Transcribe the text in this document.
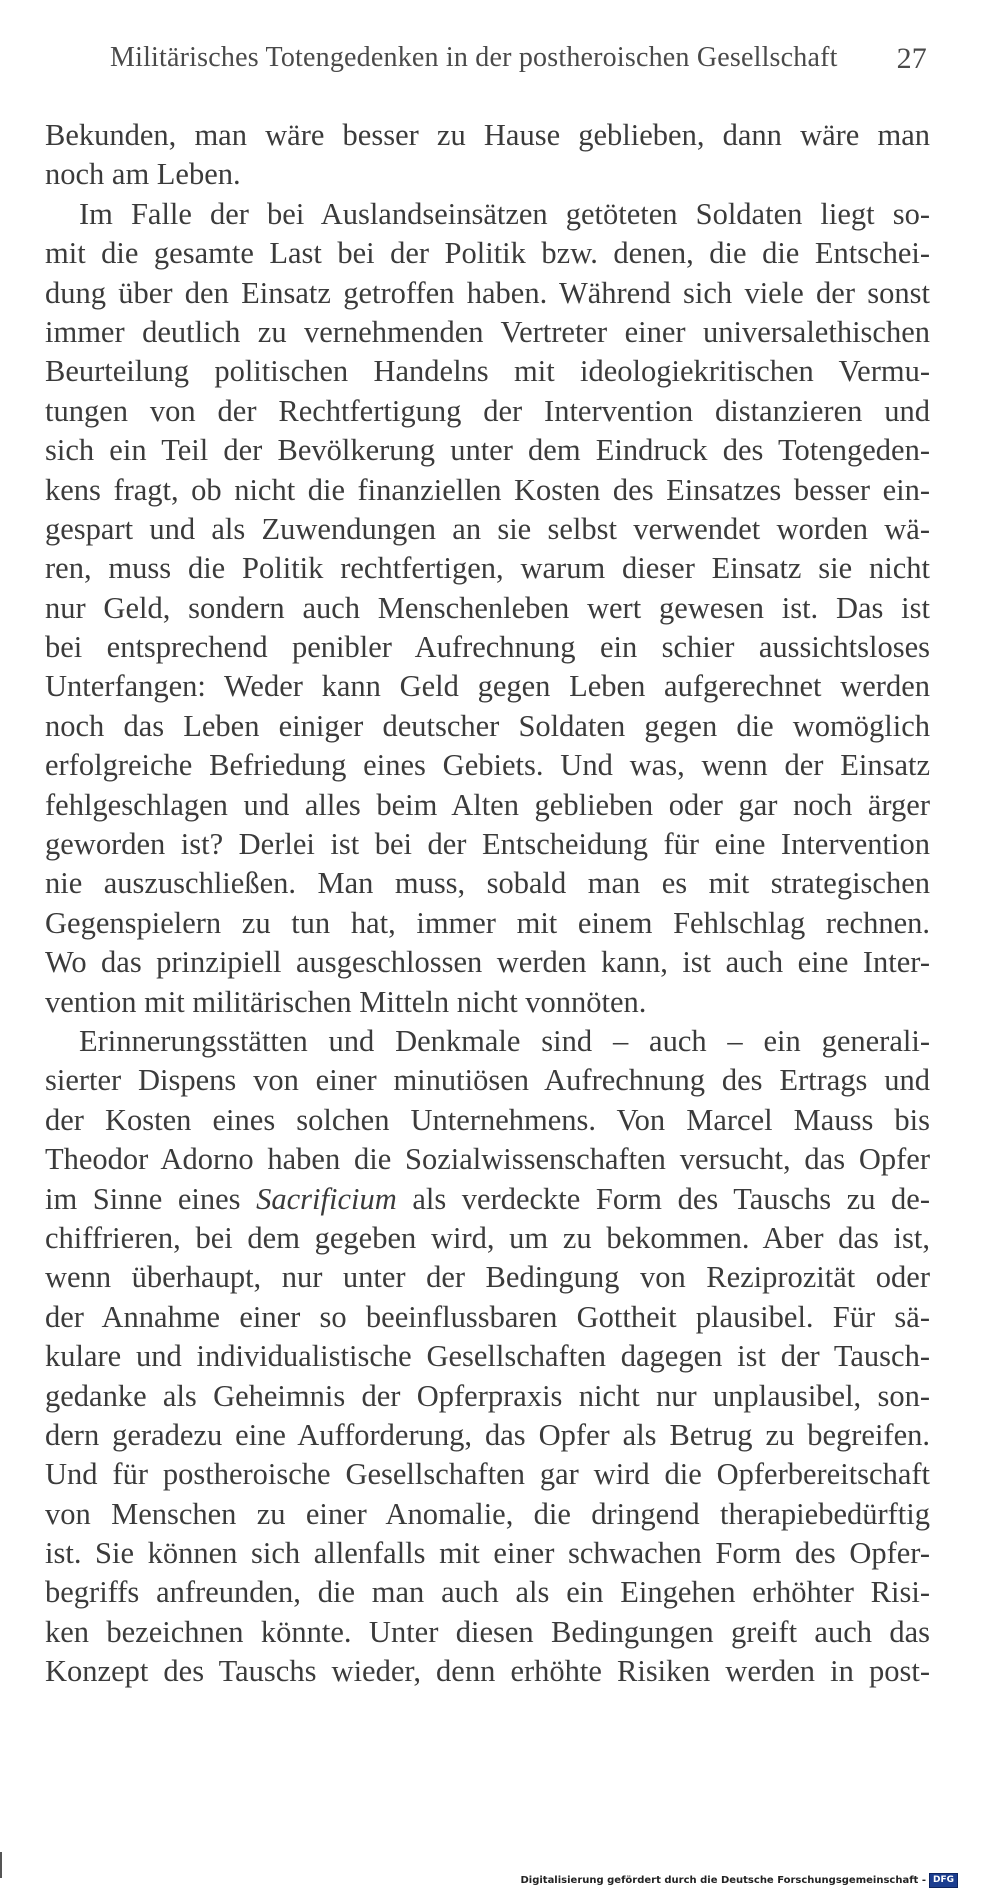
Militärisches Totengedenken in der postheroischen Gesellschaft 27
Bekunden, man wäre besser zu Hause geblieben, dann wäre man
noch am Leben.
Im Falle der bei Auslandseinsätzen getöteten Soldaten liegt so-
mit die gesamte Last bei der Politik bzw. denen, die die Entschei-
dung über den Einsatz getroffen haben. Während sich viele der sonst
immer deutlich zu vernehmenden Vertreter einer universalethischen
Beurteilung politischen Handelns mit ideologiekritischen Vermu-
tungen von der Rechtfertigung der Intervention distanzieren und
sich ein Teil der Bevölkerung unter dem Eindruck des Totengeden-
kens fragt, ob nicht die finanziellen Kosten des Einsatzes besser ein-
gespart und als Zuwendungen an sie selbst verwendet worden wä-
ren, muss die Politik rechtfertigen, warum dieser Einsatz sie nicht
nur Geld, sondern auch Menschenleben wert gewesen ist. Das ist
bei entsprechend penibler Aufrechnung ein schier aussichtsloses
Unterfangen: Weder kann Geld gegen Leben aufgerechnet werden
noch das Leben einiger deutscher Soldaten gegen die womöglich
erfolgreiche Befriedung eines Gebiets. Und was, wenn der Einsatz
fehlgeschlagen und alles beim Alten geblieben oder gar noch ärger
geworden ist? Derlei ist bei der Entscheidung für eine Intervention
nie auszuschließen. Man muss, sobald man es mit strategischen
Gegenspielern zu tun hat, immer mit einem Fehlschlag rechnen.
Wo das prinzipiell ausgeschlossen werden kann, ist auch eine Inter-
vention mit militärischen Mitteln nicht vonnöten.
Erinnerungsstätten und Denkmale sind – auch – ein generali-
sierter Dispens von einer minutiösen Aufrechnung des Ertrags und
der Kosten eines solchen Unternehmens. Von Marcel Mauss bis
Theodor Adorno haben die Sozialwissenschaften versucht, das Opfer
im Sinne eines Sacrificium als verdeckte Form des Tauschs zu de-
chiffrieren, bei dem gegeben wird, um zu bekommen. Aber das ist,
wenn überhaupt, nur unter der Bedingung von Reziprozität oder
der Annahme einer so beeinflussbaren Gottheit plausibel. Für sä-
kulare und individualistische Gesellschaften dagegen ist der Tausch-
gedanke als Geheimnis der Opferpraxis nicht nur unplausibel, son-
dern geradezu eine Aufforderung, das Opfer als Betrug zu begreifen.
Und für postheroische Gesellschaften gar wird die Opferbereitschaft
von Menschen zu einer Anomalie, die dringend therapiebedürftig
ist. Sie können sich allenfalls mit einer schwachen Form des Opfer-
begriffs anfreunden, die man auch als ein Eingehen erhöhter Risi-
ken bezeichnen könnte. Unter diesen Bedingungen greift auch das
Konzept des Tauschs wieder, denn erhöhte Risiken werden in post-
Digitalisierung gefördert durch die Deutsche Forschungsgemeinschaft - DFG
